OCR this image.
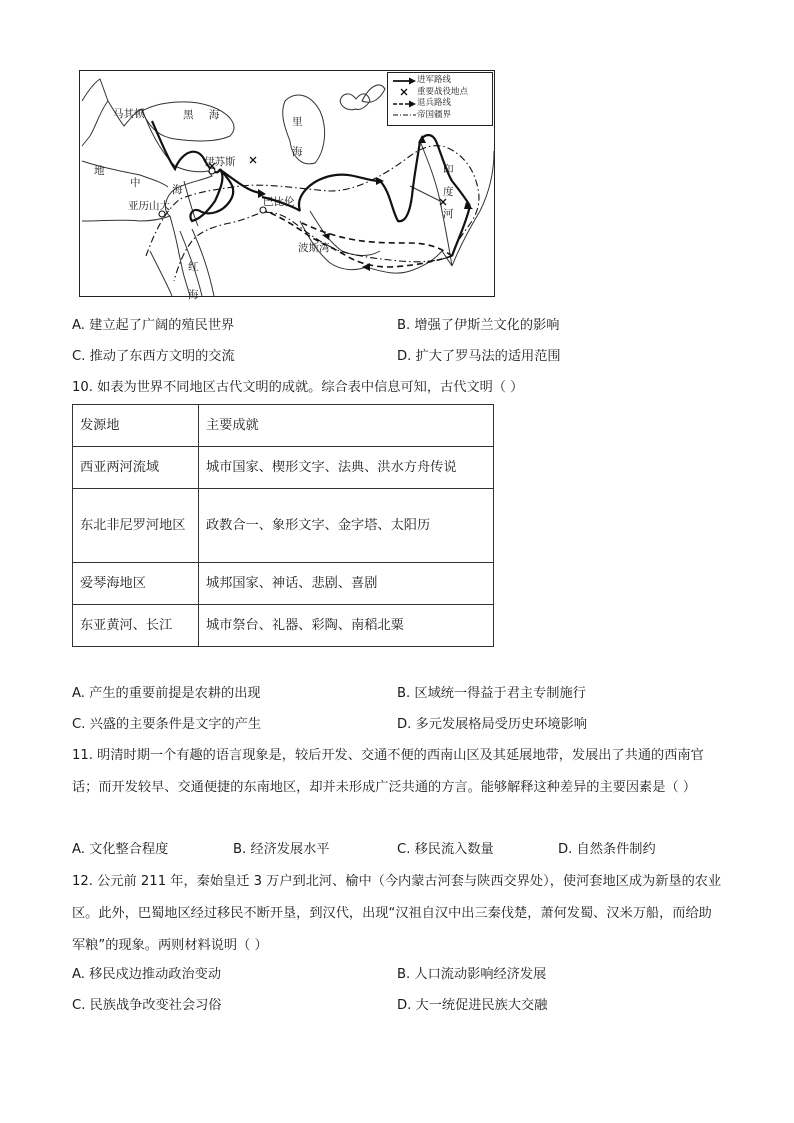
进军路线
重要战役地点
退兵路线
帝国疆界
马其顿	黑 海
里海
伊苏斯
巴比伦
亚历山大
地
中
海
红海
波斯湾
印度河
A. 建立起了广阔的殖民世界	B. 增强了伊斯兰文化的影响
C. 推动了东西方文明的交流	D. 扩大了罗马法的适用范围
10. 如表为世界不同地区古代文明的成就。综合表中信息可知，古代文明（ ）
发源地	主要成就
西亚两河流域	城市国家、楔形文字、法典、洪水方舟传说
东北非尼罗河地区	政教合一、象形文字、金字塔、太阳历
爱琴海地区	城邦国家、神话、悲剧、喜剧
东亚黄河、长江	城市祭台、礼器、彩陶、南稻北粟
A. 产生的重要前提是农耕的出现	B. 区域统一得益于君主专制施行
C. 兴盛的主要条件是文字的产生	D. 多元发展格局受历史环境影响
11. 明清时期一个有趣的语言现象是，较后开发、交通不便的西南山区及其延展地带，发展出了共通的西南官话；而开发较早、交通便捷的东南地区，却并未形成广泛共通的方言。能够解释这种差异的主要因素是（ ）
A. 文化整合程度	B. 经济发展水平	C. 移民流入数量	D. 自然条件制约
12. 公元前 211 年，秦始皇迁 3 万户到北河、榆中（今内蒙古河套与陕西交界处），使河套地区成为新垦的农业区。此外，巴蜀地区经过移民不断开垦，到汉代，出现“汉祖自汉中出三秦伐楚，萧何发蜀、汉米万船，而给助军粮”的现象。两则材料说明（ ）
A. 移民戍边推动政治变动	B. 人口流动影响经济发展
C. 民族战争改变社会习俗	D. 大一统促进民族大交融
